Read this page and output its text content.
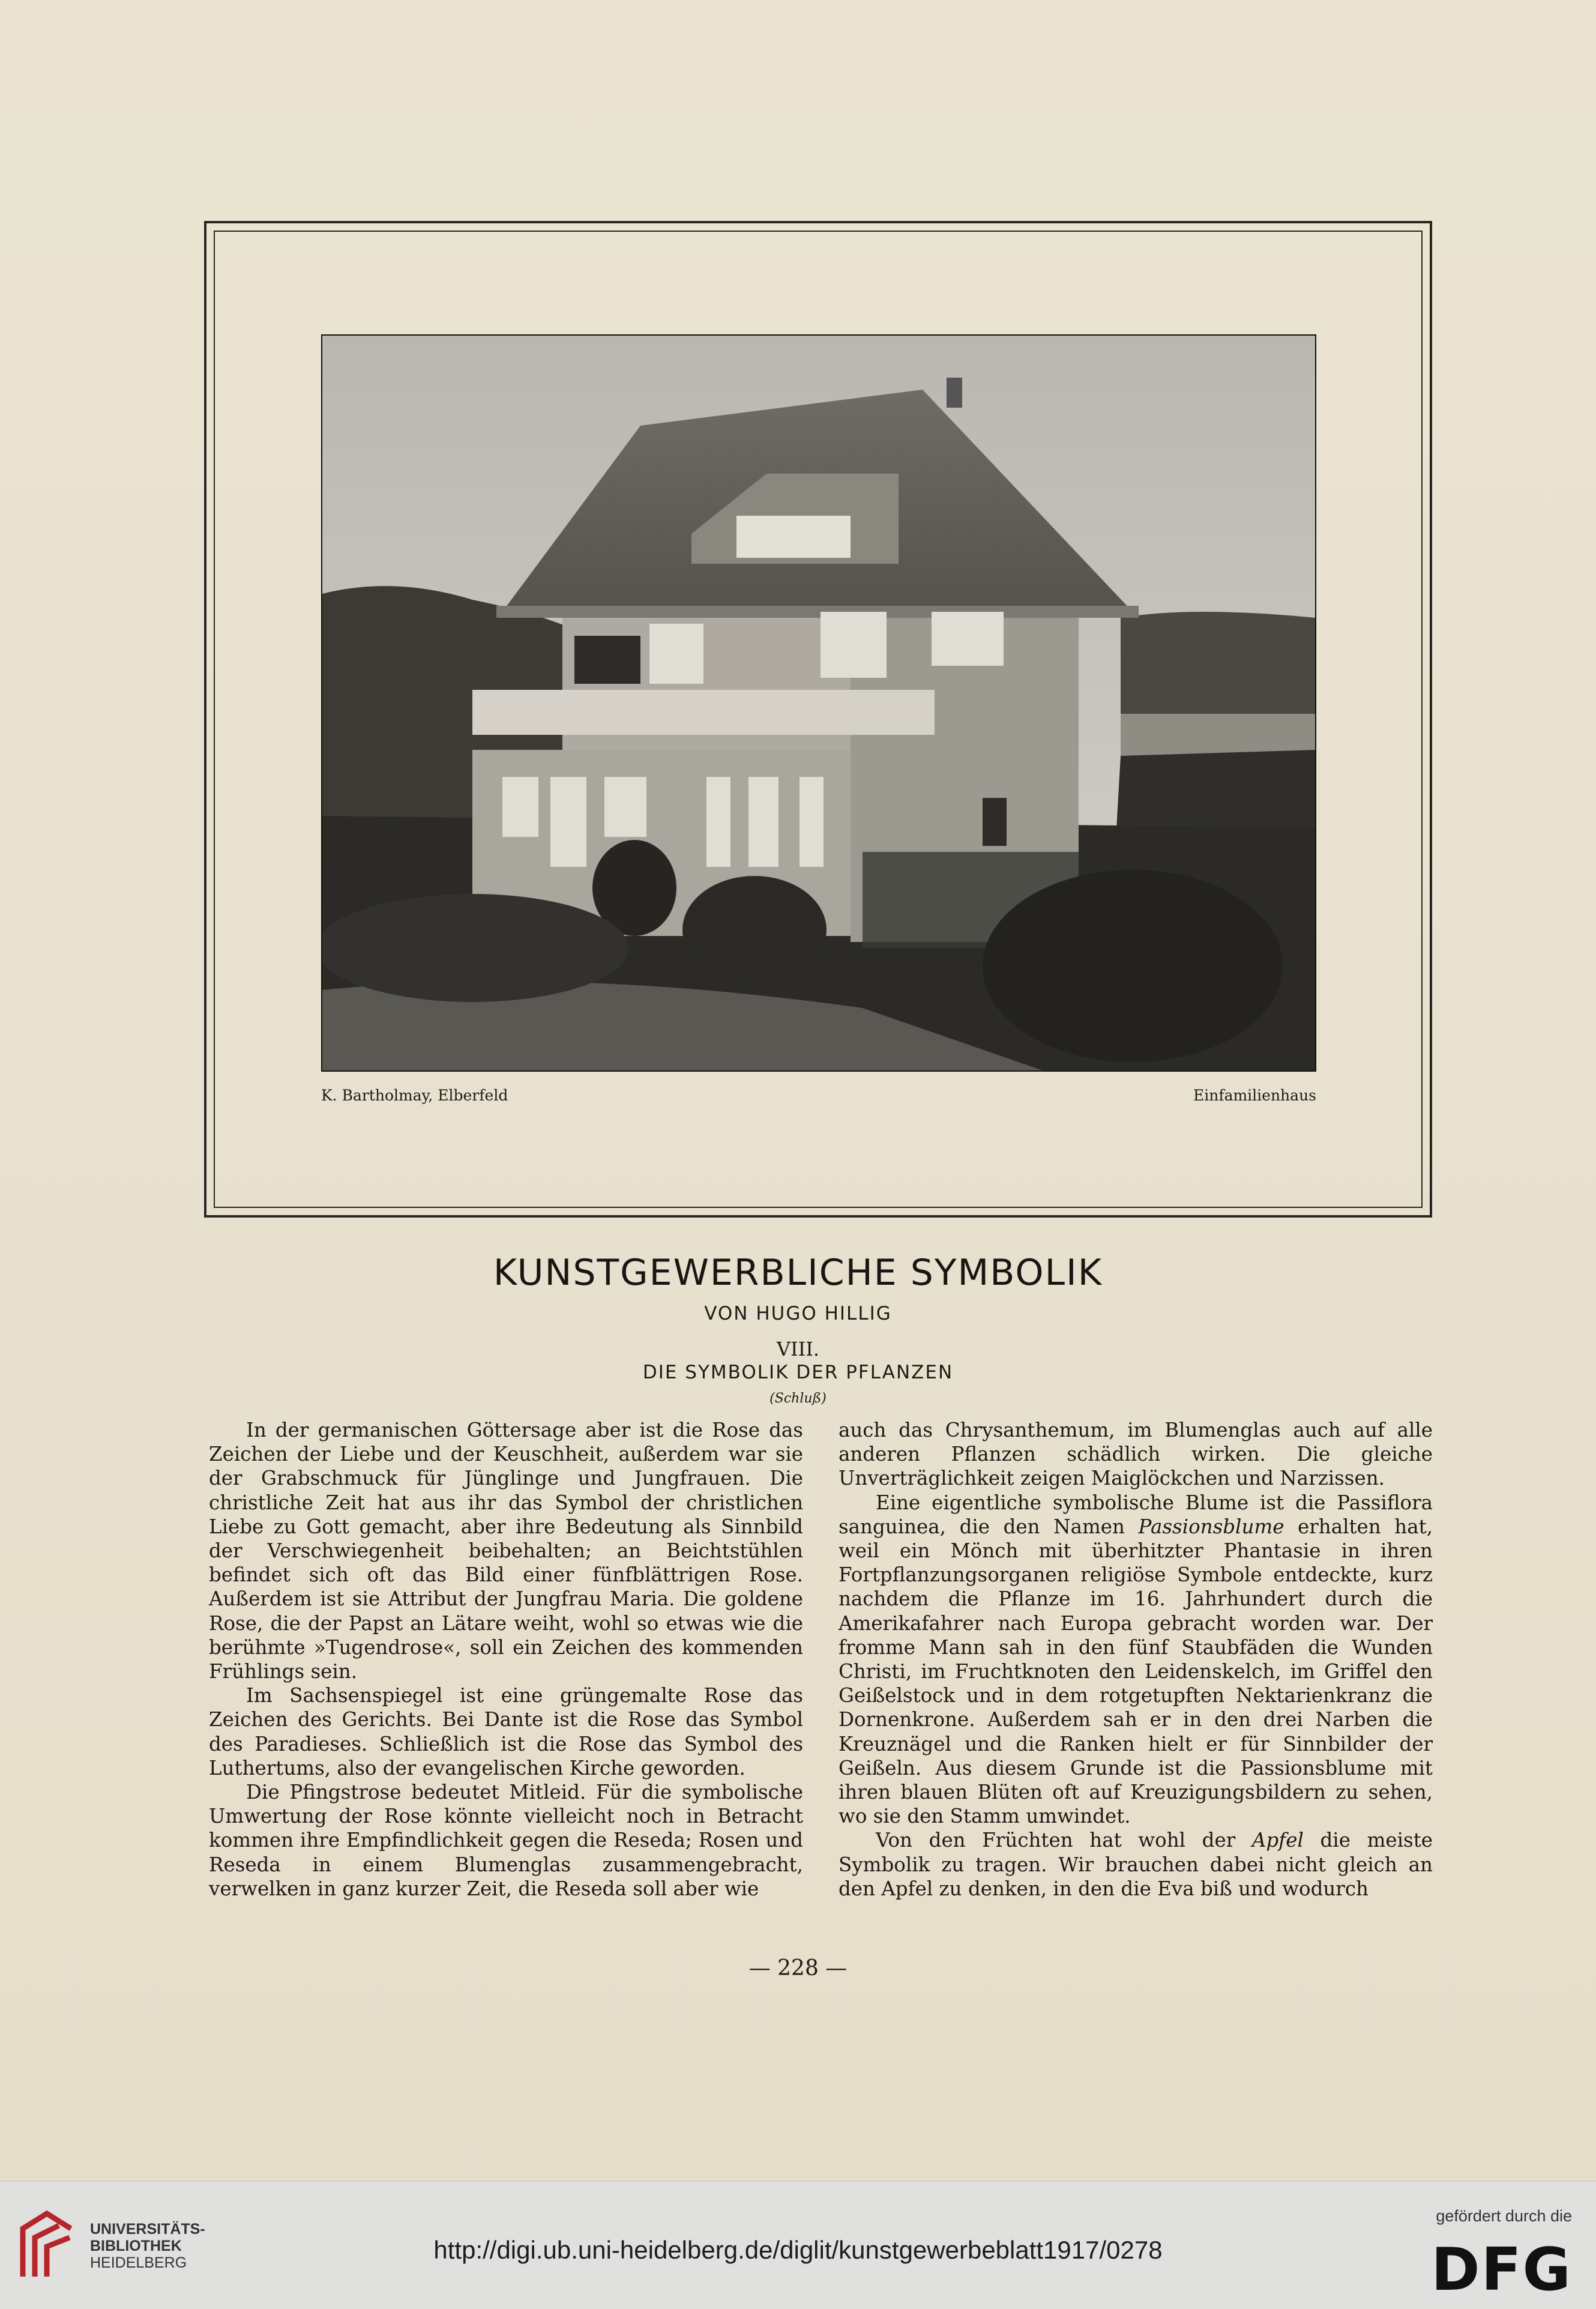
K. Bartholmay, Elberfeld	Einfamilienhaus
KUNSTGEWERBLICHE SYMBOLIK
VON HUGO HILLIG
VIII.
DIE SYMBOLIK DER PFLANZEN
(Schluß)

In der germanischen Göttersage aber ist die Rose das Zeichen der Liebe und der Keuschheit, außerdem war sie der Grabschmuck für Jünglinge und Jungfrauen. Die christliche Zeit hat aus ihr das Symbol der christlichen Liebe zu Gott gemacht, aber ihre Bedeutung als Sinnbild der Verschwiegenheit beibehalten; an Beichtstühlen befindet sich oft das Bild einer fünfblättrigen Rose. Außerdem ist sie Attribut der Jungfrau Maria. Die goldene Rose, die der Papst an Lätare weiht, wohl so etwas wie die berühmte »Tugendrose«, soll ein Zeichen des kommenden Frühlings sein.

Im Sachsenspiegel ist eine grüngemalte Rose das Zeichen des Gerichts. Bei Dante ist die Rose das Symbol des Paradieses. Schließlich ist die Rose das Symbol des Luthertums, also der evangelischen Kirche geworden.

Die Pfingstrose bedeutet Mitleid. Für die symbolische Umwertung der Rose könnte vielleicht noch in Betracht kommen ihre Empfindlichkeit gegen die Reseda; Rosen und Reseda in einem Blumenglas zusammengebracht, verwelken in ganz kurzer Zeit, die Reseda soll aber wie

auch das Chrysanthemum, im Blumenglas auch auf alle anderen Pflanzen schädlich wirken. Die gleiche Unverträglichkeit zeigen Maiglöckchen und Narzissen.

Eine eigentliche symbolische Blume ist die Passiflora sanguinea, die den Namen Passionsblume erhalten hat, weil ein Mönch mit überhitzter Phantasie in ihren Fortpflanzungsorganen religiöse Symbole entdeckte, kurz nachdem die Pflanze im 16. Jahrhundert durch die Amerikafahrer nach Europa gebracht worden war. Der fromme Mann sah in den fünf Staubfäden die Wunden Christi, im Fruchtknoten den Leidenskelch, im Griffel den Geißelstock und in dem rotgetupften Nektarienkranz die Dornenkrone. Außerdem sah er in den drei Narben die Kreuznägel und die Ranken hielt er für Sinnbilder der Geißeln. Aus diesem Grunde ist die Passionsblume mit ihren blauen Blüten oft auf Kreuzigungsbildern zu sehen, wo sie den Stamm umwindet.

Von den Früchten hat wohl der Apfel die meiste Symbolik zu tragen. Wir brauchen dabei nicht gleich an den Apfel zu denken, in den die Eva biß und wodurch

— 228 —
UNIVERSITÄTS-
BIBLIOTHEK
HEIDELBERG	http://digi.ub.uni-heidelberg.de/diglit/kunstgewerbeblatt1917/0278
gefördert durch die
DFG
